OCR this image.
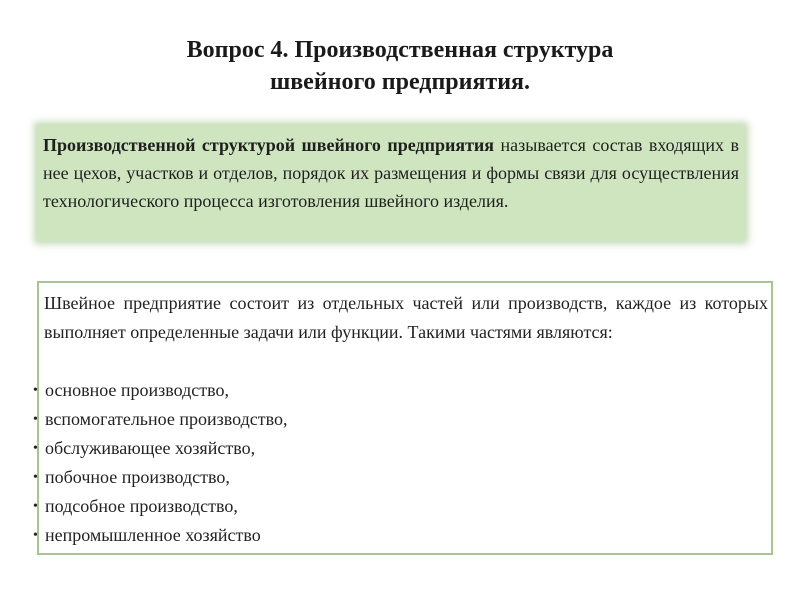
Вопрос 4. Производственная структура
швейного предприятия.
Производственной структурой швейного предприятия называется состав входящих в нее цехов, участков и отделов, порядок их размещения и формы связи для осуществления технологического процесса изготовления швейного изделия.
Швейное предприятие состоит из отдельных частей или производств, каждое из которых выполняет определенные задачи или функции. Такими частями являются:
• основное производство,
• вспомогательное производство,
• обслуживающее хозяйство,
• побочное производство,
• подсобное производство,
• непромышленное хозяйство
